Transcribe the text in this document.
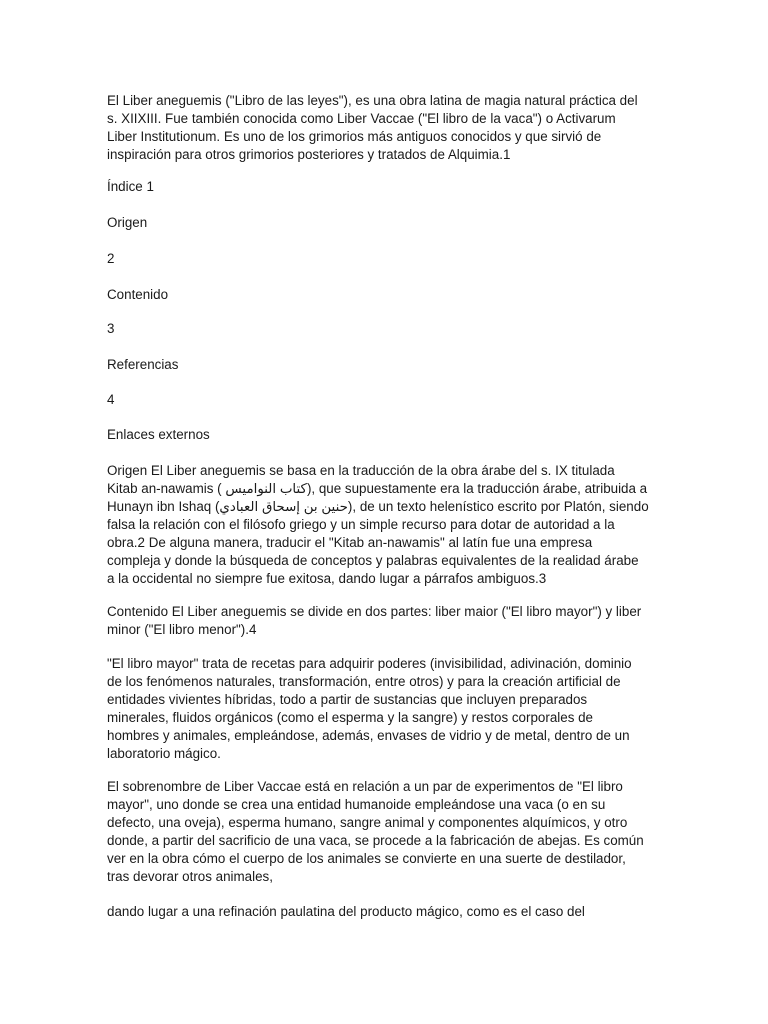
El Liber aneguemis ("Libro de las leyes"), es una obra latina de magia natural práctica del
s. XIIXIII. Fue también conocida como Liber Vaccae ("El libro de la vaca") o Activarum
Liber Institutionum. Es uno de los grimorios más antiguos conocidos y que sirvió de
inspiración para otros grimorios posteriores y tratados de Alquimia.1

Índice 1

Origen

2

Contenido

3

Referencias

4

Enlaces externos

Origen El Liber aneguemis se basa en la traducción de la obra árabe del s. IX titulada
Kitab an-nawamis ( كتاب النواميس), que supuestamente era la traducción árabe, atribuida a
Hunayn ibn Ishaq (حنين بن إسحاق العبادي), de un texto helenístico escrito por Platón, siendo
falsa la relación con el filósofo griego y un simple recurso para dotar de autoridad a la
obra.2 De alguna manera, traducir el "Kitab an-nawamis" al latín fue una empresa
compleja y donde la búsqueda de conceptos y palabras equivalentes de la realidad árabe
a la occidental no siempre fue exitosa, dando lugar a párrafos ambiguos.3

Contenido El Liber aneguemis se divide en dos partes: liber maior ("El libro mayor") y liber
minor ("El libro menor").4

"El libro mayor" trata de recetas para adquirir poderes (invisibilidad, adivinación, dominio
de los fenómenos naturales, transformación, entre otros) y para la creación artificial de
entidades vivientes híbridas, todo a partir de sustancias que incluyen preparados
minerales, fluidos orgánicos (como el esperma y la sangre) y restos corporales de
hombres y animales, empleándose, además, envases de vidrio y de metal, dentro de un
laboratorio mágico.

El sobrenombre de Liber Vaccae está en relación a un par de experimentos de "El libro
mayor", uno donde se crea una entidad humanoide empleándose una vaca (o en su
defecto, una oveja), esperma humano, sangre animal y componentes alquímicos, y otro
donde, a partir del sacrificio de una vaca, se procede a la fabricación de abejas. Es común
ver en la obra cómo el cuerpo de los animales se convierte en una suerte de destilador,
tras devorar otros animales,

dando lugar a una refinación paulatina del producto mágico, como es el caso del
